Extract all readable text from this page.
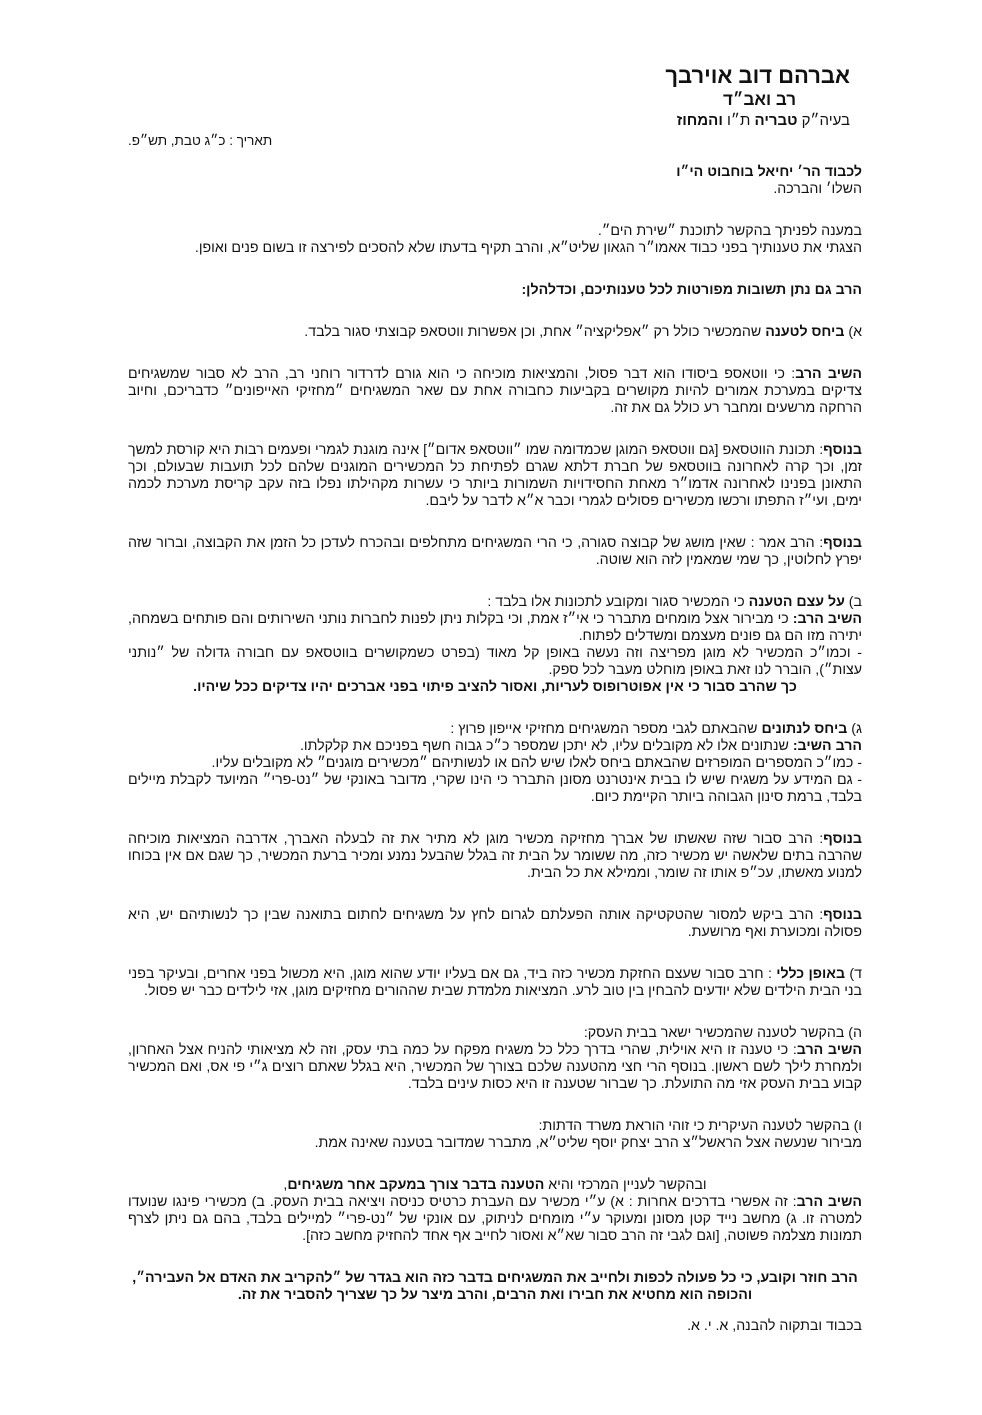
אברהם דוב אוירבך
רב ואב״ד
בעיה״ק טבריה ת״ו והמחוז
תאריך : כ״ג טבת, תש״פ.

לכבוד הר׳ יחיאל בוחבוט הי״ו

השלו׳ והברכה.

במענה לפניתך בהקשר לתוכנת ״שירת הים״.

הצגתי את טענותיך בפני כבוד אאמו״ר הגאון שליט״א, והרב תקיף בדעתו שלא להסכים לפירצה זו בשום פנים ואופן.

הרב גם נתן תשובות מפורטות לכל טענותיכם, וכדלהלן:

א) ביחס לטענה שהמכשיר כולל רק ״אפליקציה״ אחת, וכן אפשרות ווטסאפ קבוצתי סגור בלבד.

השיב הרב: כי ווטאספ ביסודו הוא דבר פסול, והמציאות מוכיחה כי הוא גורם לדרדור רוחני רב, הרב לא סבור שמשגיחים צדיקים במערכת אמורים להיות מקושרים בקביעות כחבורה אחת עם שאר המשגיחים ״מחזיקי האייפונים״ כדבריכם, וחיוב הרחקה מרשעים ומחבר רע כולל גם את זה.

בנוסף: תכונת הווטסאפ [גם ווטסאפ המוגן שכמדומה שמו ״ווטסאפ אדום״] אינה מוגנת לגמרי ופעמים רבות היא קורסת למשך זמן, וכך קרה לאחרונה בווטסאפ של חברת דלתא שגרם לפתיחת כל המכשירים המוגנים שלהם לכל תועבות שבעולם, וכך התאונן בפנינו לאחרונה אדמו״ר מאחת החסידויות השמורות ביותר כי עשרות מקהילתו נפלו בזה עקב קריסת מערכת לכמה ימים, ועי״ז התפתו ורכשו מכשירים פסולים לגמרי וכבר א״א לדבר על ליבם.

בנוסף: הרב אמר : שאין מושג של קבוצה סגורה, כי הרי המשגיחים מתחלפים ובהכרח לעדכן כל הזמן את הקבוצה, וברור שזה יפרץ לחלוטין, כך שמי שמאמין לזה הוא שוטה.

ב) על עצם הטענה כי המכשיר סגור ומקובע לתכונות אלו בלבד :

השיב הרב: כי מבירור אצל מומחים מתברר כי אי״ז אמת, וכי בקלות ניתן לפנות לחברות נותני השירותים והם פותחים בשמחה, יתירה מזו הם גם פונים מעצמם ומשדלים לפתוח.

- וכמו״כ המכשיר לא מוגן מפריצה וזה נעשה באופן קל מאוד (בפרט כשמקושרים בווטסאפ עם חבורה גדולה של ״נותני עצות״), הוברר לנו זאת באופן מוחלט מעבר לכל ספק.

כך שהרב סבור כי אין אפוטרופוס לעריות, ואסור להציב פיתוי בפני אברכים יהיו צדיקים ככל שיהיו.

ג) ביחס לנתונים שהבאתם לגבי מספר המשגיחים מחזיקי אייפון פרוץ :

הרב השיב: שנתונים אלו לא מקובלים עליו, לא יתכן שמספר כ״כ גבוה חשף בפניכם את קלקלתו.

- כמו״כ המספרים המופרזים שהבאתם ביחס לאלו שיש להם או לנשותיהם ״מכשירים מוגנים״ לא מקובלים עליו.

- גם המידע על משגיח שיש לו בבית אינטרנט מסונן התברר כי הינו שקרי, מדובר באונקי של ״נט-פרי״ המיועד לקבלת מיילים בלבד, ברמת סינון הגבוהה ביותר הקיימת כיום.

בנוסף: הרב סבור שזה שאשתו של אברך מחזיקה מכשיר מוגן לא מתיר את זה לבעלה האברך, אדרבה המציאות מוכיחה שהרבה בתים שלאשה יש מכשיר כזה, מה ששומר על הבית זה בגלל שהבעל נמנע ומכיר ברעת המכשיר, כך שגם אם אין בכוחו למנוע מאשתו, עכ״פ אותו זה שומר, וממילא את כל הבית.

בנוסף: הרב ביקש למסור שהטקטיקה אותה הפעלתם לגרום לחץ על משגיחים לחתום בתואנה שבין כך לנשותיהם יש, היא פסולה ומכוערת ואף מרושעת.

ד) באופן כללי : חרב סבור שעצם החזקת מכשיר כזה ביד, גם אם בעליו יודע שהוא מוגן, היא מכשול בפני אחרים, ובעיקר בפני בני הבית הילדים שלא יודעים להבחין בין טוב לרע. המציאות מלמדת שבית שההורים מחזיקים מוגן, אזי לילדים כבר יש פסול.

ה) בהקשר לטענה שהמכשיר ישאר בבית העסק:

השיב הרב: כי טענה זו היא אוילית, שהרי בדרך כלל כל משגיח מפקח על כמה בתי עסק, וזה לא מציאותי להניח אצל האחרון, ולמחרת לילך לשם ראשון. בנוסף הרי חצי מהטענה שלכם בצורך של המכשיר, היא בגלל שאתם רוצים ג״י פי אס, ואם המכשיר קבוע בבית העסק אזי מה התועלת. כך שברור שטענה זו היא כסות עינים בלבד.

ו) בהקשר לטענה העיקרית כי זוהי הוראת משרד הדתות:

מבירור שנעשה אצל הראשל״צ הרב יצחק יוסף שליט״א, מתברר שמדובר בטענה שאינה אמת.

ובהקשר לעניין המרכזי והיא הטענה בדבר צורך במעקב אחר משגיחים,

השיב הרב: זה אפשרי בדרכים אחרות : א) ע״י מכשיר עם העברת כרטיס כניסה ויציאה בבית העסק. ב) מכשירי פינגו שנועדו למטרה זו. ג) מחשב נייד קטן מסונן ומעוקר ע״י מומחים לניתוק, עם אונקי של ״נט-פרי״ למיילים בלבד, בהם גם ניתן לצרף תמונות מצלמה פשוטה, [וגם לגבי זה הרב סבור שא״א ואסור לחייב אף אחד להחזיק מחשב כזה].

הרב חוזר וקובע, כי כל פעולה לכפות ולחייב את המשגיחים בדבר כזה הוא בגדר של ״להקריב את האדם אל העבירה״, והכופה הוא מחטיא את חבירו ואת הרבים, והרב מיצר על כך שצריך להסביר את זה.

בכבוד ובתקוה להבנה, א. י. א.
